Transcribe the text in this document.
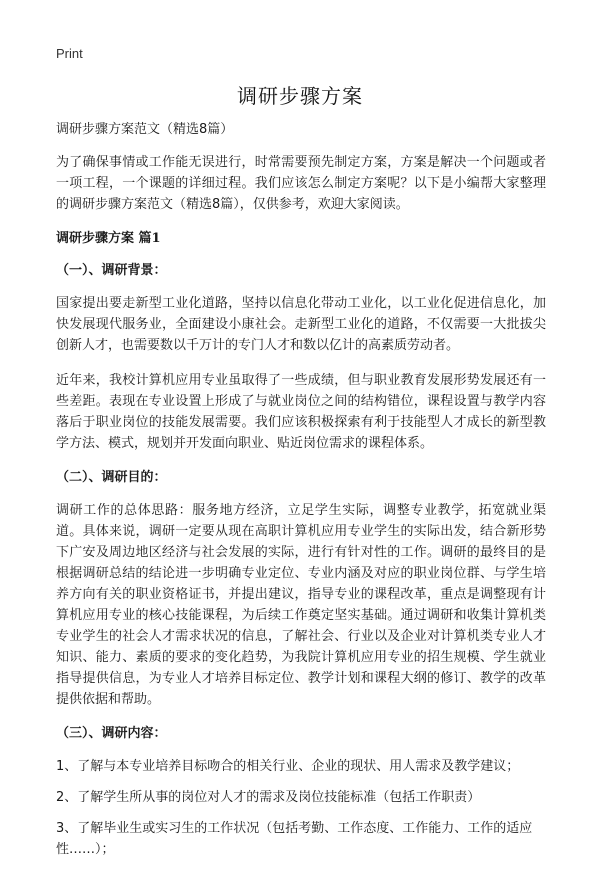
Print

调研步骤方案

调研步骤方案范文（精选8篇）

为了确保事情或工作能无误进行，时常需要预先制定方案，方案是解决一个问题或者一项工程，一个课题的详细过程。我们应该怎么制定方案呢？以下是小编帮大家整理的调研步骤方案范文（精选8篇），仅供参考，欢迎大家阅读。

调研步骤方案 篇1

（一）、调研背景：

国家提出要走新型工业化道路，坚持以信息化带动工业化，以工业化促进信息化，加快发展现代服务业，全面建设小康社会。走新型工业化的道路，不仅需要一大批拔尖创新人才，也需要数以千万计的专门人才和数以亿计的高素质劳动者。

近年来，我校计算机应用专业虽取得了一些成绩，但与职业教育发展形势发展还有一些差距。表现在专业设置上形成了与就业岗位之间的结构错位，课程设置与教学内容落后于职业岗位的技能发展需要。我们应该积极探索有利于技能型人才成长的新型教学方法、模式，规划并开发面向职业、贴近岗位需求的课程体系。

（二）、调研目的：

调研工作的总体思路：服务地方经济，立足学生实际，调整专业教学，拓宽就业渠道。具体来说，调研一定要从现在高职计算机应用专业学生的实际出发，结合新形势下广安及周边地区经济与社会发展的实际，进行有针对性的工作。调研的最终目的是根据调研总结的结论进一步明确专业定位、专业内涵及对应的职业岗位群、与学生培养方向有关的职业资格证书，并提出建议，指导专业的课程改革，重点是调整现有计算机应用专业的核心技能课程，为后续工作奠定坚实基础。通过调研和收集计算机类专业学生的社会人才需求状况的信息，了解社会、行业以及企业对计算机类专业人才知识、能力、素质的要求的变化趋势，为我院计算机应用专业的招生规模、学生就业指导提供信息，为专业人才培养目标定位、教学计划和课程大纲的修订、教学的改革提供依据和帮助。

（三）、调研内容：

1、了解与本专业培养目标吻合的相关行业、企业的现状、用人需求及教学建议；

2、了解学生所从事的岗位对人才的需求及岗位技能标准（包括工作职责）

3、了解毕业生或实习生的工作状况（包括考勤、工作态度、工作能力、工作的适应性……）；
